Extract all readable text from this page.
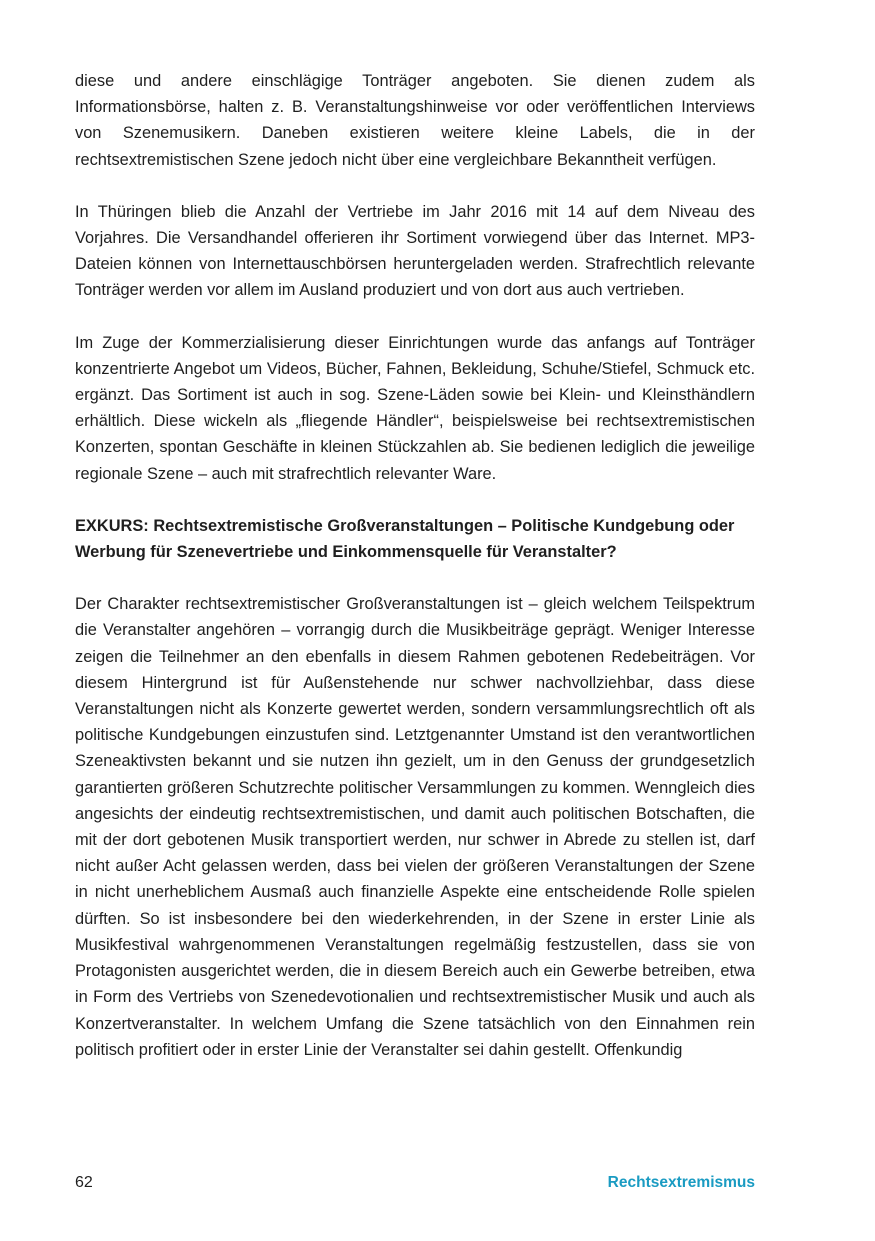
diese und andere einschlägige Tonträger angeboten. Sie dienen zudem als Informationsbörse, halten z. B. Veranstaltungshinweise vor oder veröffentlichen Interviews von Szenemusikern. Daneben existieren weitere kleine Labels, die in der rechtsextremistischen Szene jedoch nicht über eine vergleichbare Bekanntheit verfügen.

In Thüringen blieb die Anzahl der Vertriebe im Jahr 2016 mit 14 auf dem Niveau des Vorjahres. Die Versandhandel offerieren ihr Sortiment vorwiegend über das Internet. MP3-Dateien können von Internettauschbörsen heruntergeladen werden. Strafrechtlich relevante Tonträger werden vor allem im Ausland produziert und von dort aus auch vertrieben.

Im Zuge der Kommerzialisierung dieser Einrichtungen wurde das anfangs auf Tonträger konzentrierte Angebot um Videos, Bücher, Fahnen, Bekleidung, Schuhe/Stiefel, Schmuck etc. ergänzt. Das Sortiment ist auch in sog. Szene-Läden sowie bei Klein- und Kleinsthändlern erhältlich. Diese wickeln als „fliegende Händler“, beispielsweise bei rechtsextremistischen Konzerten, spontan Geschäfte in kleinen Stückzahlen ab. Sie bedienen lediglich die jeweilige regionale Szene – auch mit strafrechtlich relevanter Ware.

EXKURS: Rechtsextremistische Großveranstaltungen – Politische Kundgebung oder
Werbung für Szenevertriebe und Einkommensquelle für Veranstalter?

Der Charakter rechtsextremistischer Großveranstaltungen ist – gleich welchem Teilspektrum die Veranstalter angehören – vorrangig durch die Musikbeiträge geprägt. Weniger Interesse zeigen die Teilnehmer an den ebenfalls in diesem Rahmen gebotenen Redebeiträgen. Vor diesem Hintergrund ist für Außenstehende nur schwer nachvollziehbar, dass diese Veranstaltungen nicht als Konzerte gewertet werden, sondern versammlungsrechtlich oft als politische Kundgebungen einzustufen sind. Letztgenannter Umstand ist den verantwortlichen Szeneaktivsten bekannt und sie nutzen ihn gezielt, um in den Genuss der grundgesetzlich garantierten größeren Schutzrechte politischer Versammlungen zu kommen. Wenngleich dies angesichts der eindeutig rechtsextremistischen, und damit auch politischen Botschaften, die mit der dort gebotenen Musik transportiert werden, nur schwer in Abrede zu stellen ist, darf nicht außer Acht gelassen werden, dass bei vielen der größeren Veranstaltungen der Szene in nicht unerheblichem Ausmaß auch finanzielle Aspekte eine entscheidende Rolle spielen dürften. So ist insbesondere bei den wiederkehrenden, in der Szene in erster Linie als Musikfestival wahrgenommenen Veranstaltungen regelmäßig festzustellen, dass sie von Protagonisten ausgerichtet werden, die in diesem Bereich auch ein Gewerbe betreiben, etwa in Form des Vertriebs von Szenedevotionalien und rechtsextremistischer Musik und auch als Konzertveranstalter. In welchem Umfang die Szene tatsächlich von den Einnahmen rein politisch profitiert oder in erster Linie der Veranstalter sei dahin gestellt. Offenkundig

62	Rechtsextremismus
